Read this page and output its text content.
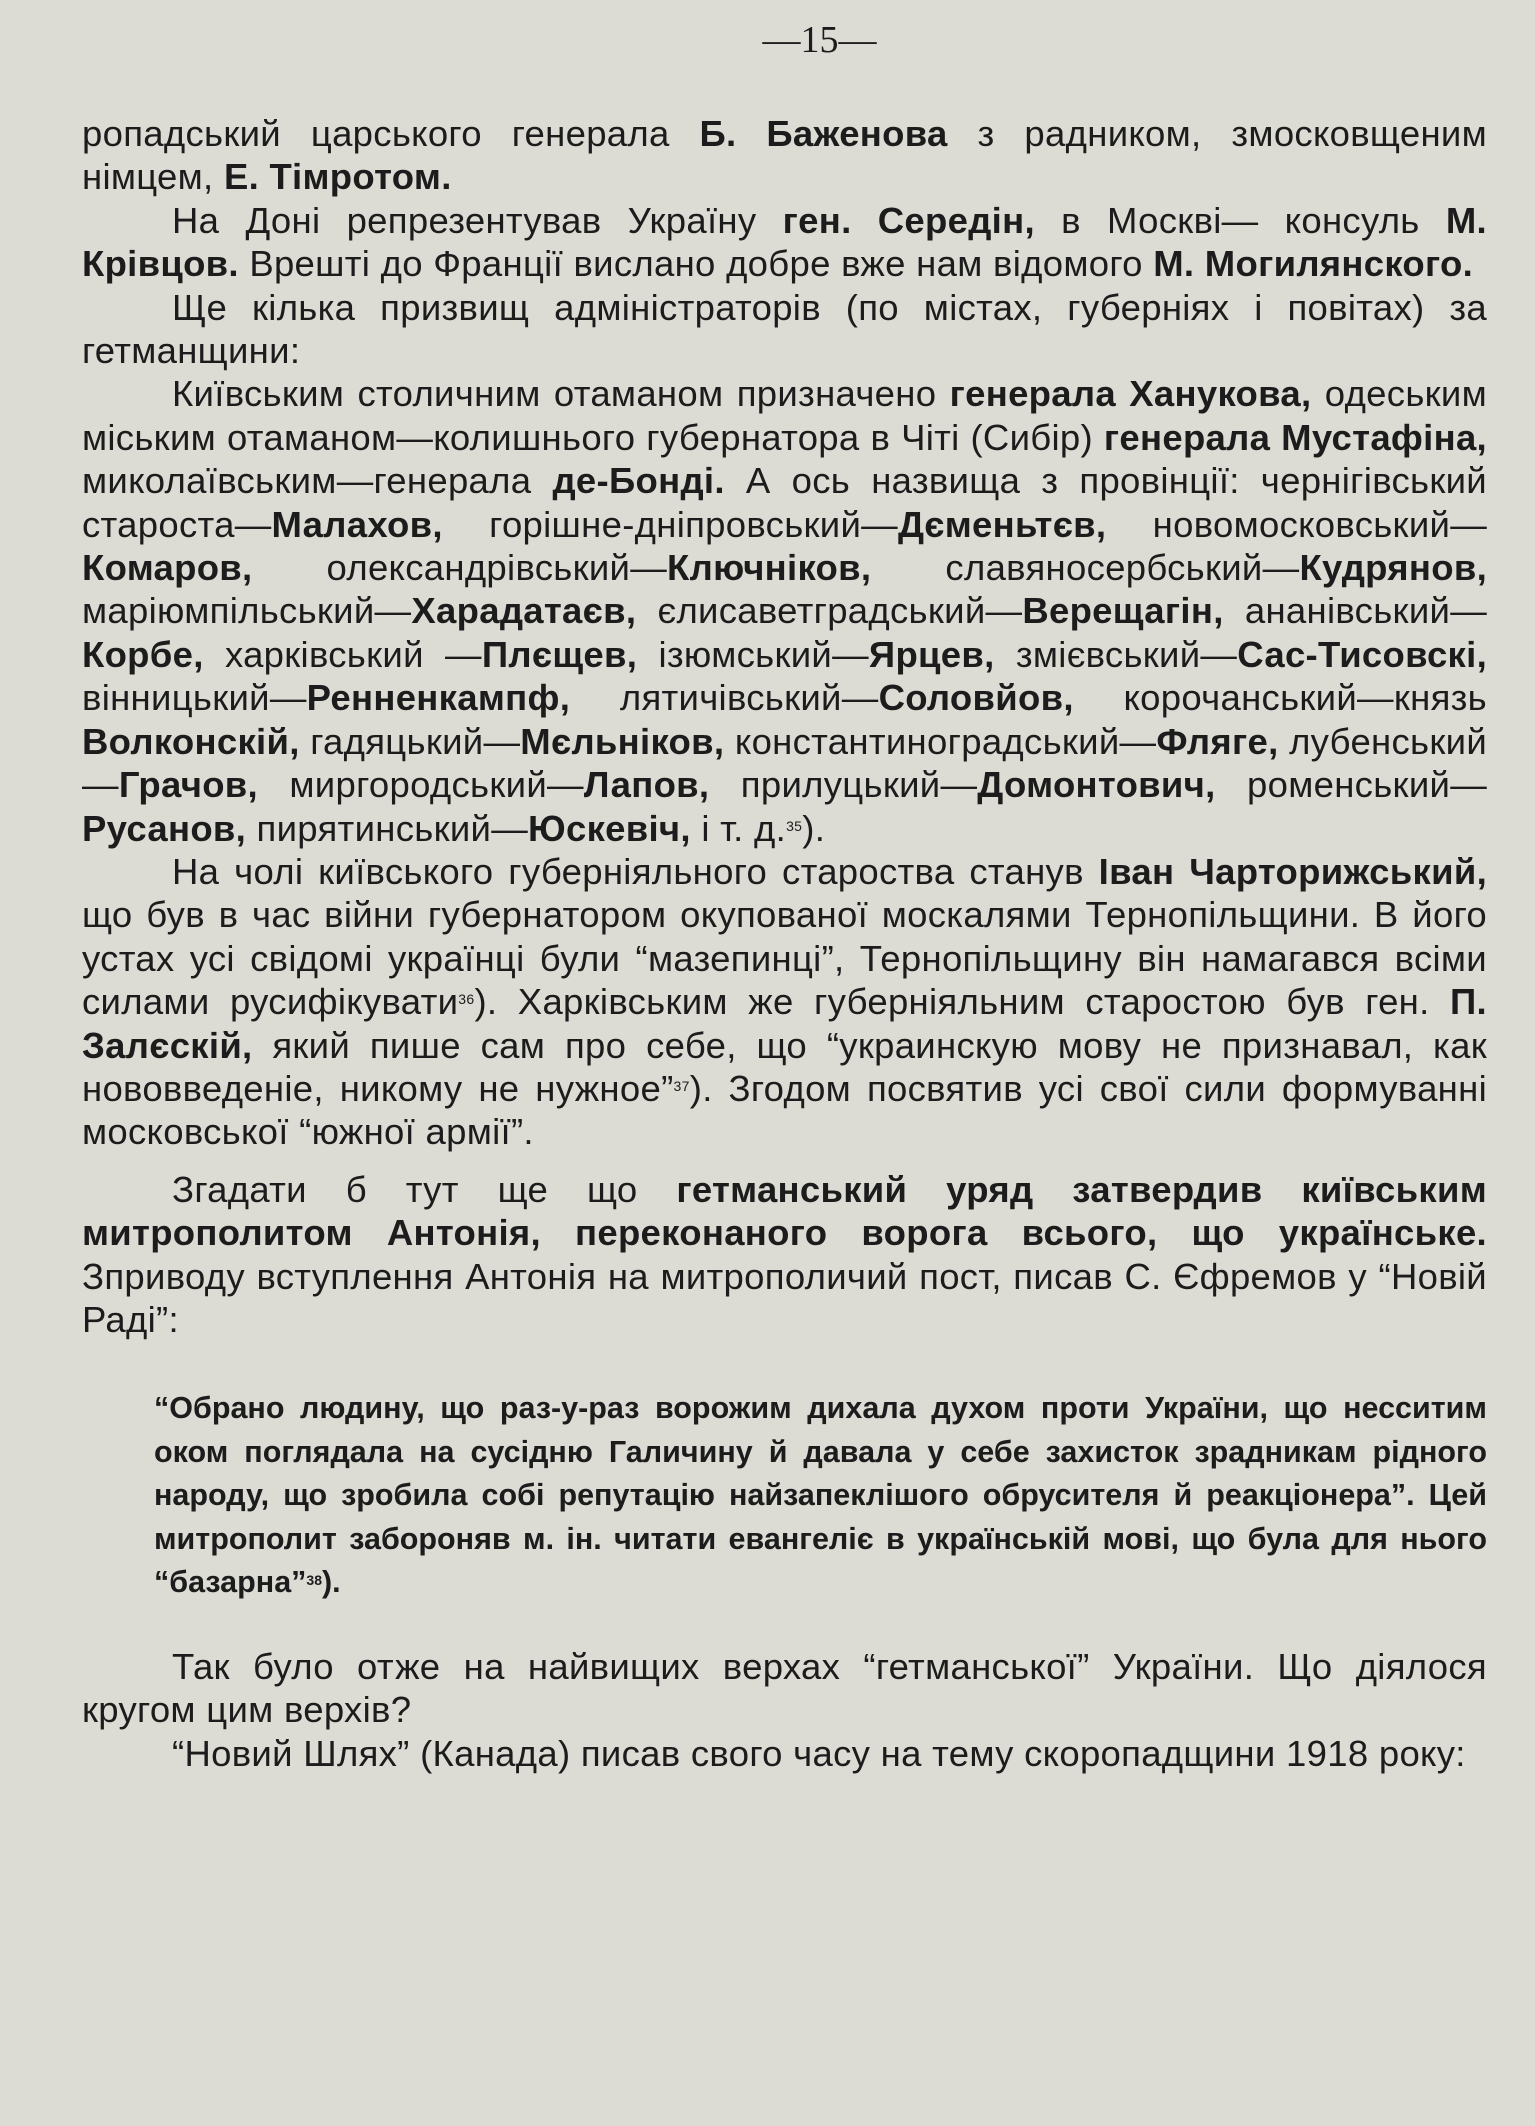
—15—

ропадський царського генерала Б. Баженова з радником, змосковщеним німцем, Е. Тімротом.

На Доні репрезентував Україну ген. Середін, в Москві— консуль М. Крівцов. Врешті до Франції вислано добре вже нам відомого М. Могилянского.

Ще кілька призвищ адміністраторів (по містах, губерніях і повітах) за гетманщини:

Київським столичним отаманом призначено генерала Ханукова, одеським міським отаманом—колишнього губернатора в Чіті (Сибір) генерала Мустафіна, миколаївським—генерала де-Бонді. А ось назвища з провінції: чернігівський староста—Малахов, горішне-дніпровський—Дєменьтєв, новомосковський—Комаров, олександрівський—Ключніков, славяносербський—Кудрянов, маріюмпільський—Харадатаєв, єлисаветградський—Верещагін, ананівський—Корбе, харківський —Плєщев, ізюмський—Ярцев, змієвський—Сас-Тисовскі, вінницький—Ренненкампф, лятичівський—Соловйов, корочанський—князь Волконскій, гадяцький—Мєльніков, константиноградський—Фляге, лубенський—Грачов, миргородський—Лапов, прилуцький—Домонтович, роменський—Русанов, пирятинський—Юскевіч, і т. д.$^{35}$).

На чолі київського губерніяльного староства станув Іван Чарторижський, що був в час війни губернатором окупованої москалями Тернопільщини. В його устах усі свідомі українці були “мазепинці”, Тернопільщину він намагався всіми силами русифікувати$^{36}$). Харківським же губерніяльним старостою був ген. П. Залєскій, який пише сам про себе, що “украинскую мову не признавал, как нововведеніе, никому не нужное”$^{37}$). Згодом посвятив усі свої сили формуванні московської “южної армії”.

Згадати б тут ще що гетманський уряд затвердив київським митрополитом Антонія, переконаного ворога всього, що українське. Зприводу вступлення Антонія на митрополичий пост, писав С. Єфремов у “Новій Раді”:

“Обрано людину, що раз-у-раз ворожим дихала духом проти України, що несситим оком поглядала на сусідню Галичину й давала у себе захисток зрадникам рідного народу, що зробила собі репутацію найзапеклішого обрусителя й реакціонера”. Цей митрополит забороняв м. ін. читати евангеліє в українській мові, що була для нього “базарна”$^{38}$).

Так було отже на найвищих верхах “гетманської” України. Що діялося кругом цим верхів?

“Новий Шлях” (Канада) писав свого часу на тему скоропадщини 1918 року:
